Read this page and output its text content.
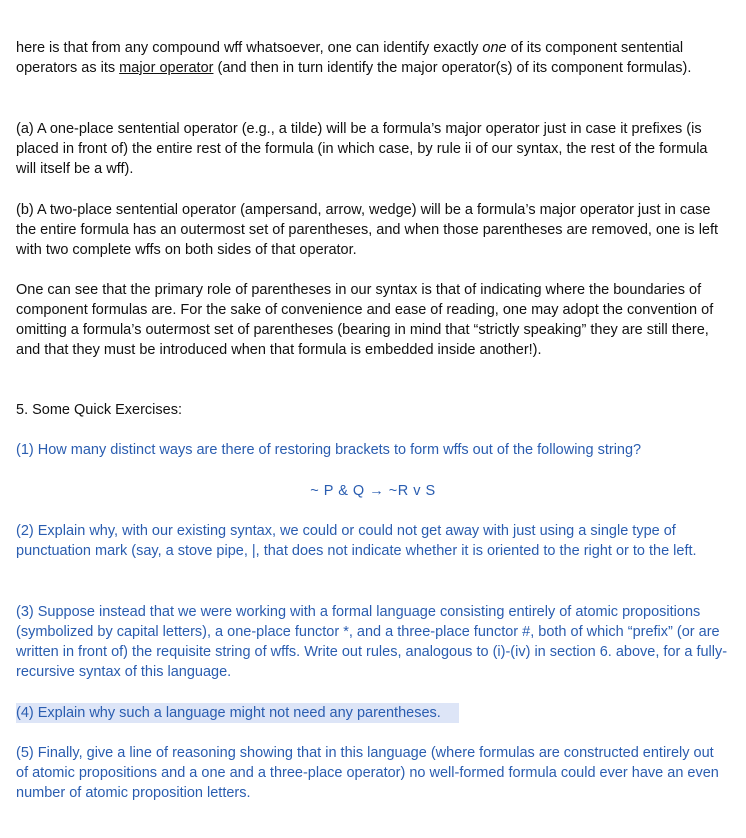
here is that from any compound wff whatsoever, one can identify exactly one of its component sentential operators as its major operator (and then in turn identify the major operator(s) of its component formulas).

(a) A one-place sentential operator (e.g., a tilde) will be a formula’s major operator just in case it prefixes (is placed in front of) the entire rest of the formula (in which case, by rule ii of our syntax, the rest of the formula will itself be a wff).

(b) A two-place sentential operator (ampersand, arrow, wedge) will be a formula’s major operator just in case the entire formula has an outermost set of parentheses, and when those parentheses are removed, one is left with two complete wffs on both sides of that operator.

One can see that the primary role of parentheses in our syntax is that of indicating where the boundaries of component formulas are. For the sake of convenience and ease of reading, one may adopt the convention of omitting a formula’s outermost set of parentheses (bearing in mind that “strictly speaking” they are still there, and that they must be introduced when that formula is embedded inside another!).

5. Some Quick Exercises:

(1) How many distinct ways are there of restoring brackets to form wffs out of the following string?

~ P & Q → ~R v S

(2) Explain why, with our existing syntax, we could or could not get away with just using a single type of punctuation mark (say, a stove pipe, |, that does not indicate whether it is oriented to the right or to the left.

(3) Suppose instead that we were working with a formal language consisting entirely of atomic propositions (symbolized by capital letters), a one-place functor *, and a three-place functor #, both of which “prefix” (or are written in front of) the requisite string of wffs. Write out rules, analogous to (i)-(iv) in section 6. above, for a fully-recursive syntax of this language.

(4) Explain why such a language might not need any parentheses.

(5) Finally, give a line of reasoning showing that in this language (where formulas are constructed entirely out of atomic propositions and a one and a three-place operator) no well-formed formula could ever have an even number of atomic proposition letters.
